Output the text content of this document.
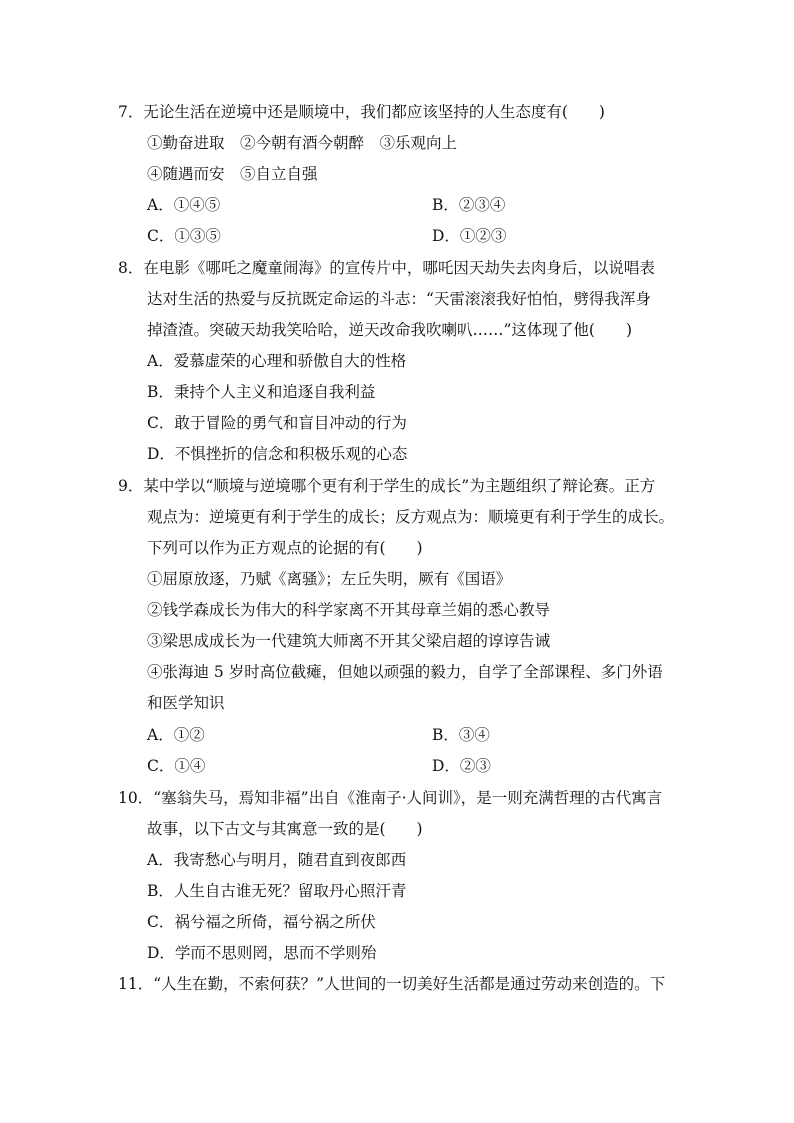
7．无论生活在逆境中还是顺境中，我们都应该坚持的人生态度有(　　)
①勤奋进取　②今朝有酒今朝醉　③乐观向上
④随遇而安　⑤自立自强
A．①④⑤	B．②③④
C．①③⑤	D．①②③
8．在电影《哪吒之魔童闹海》的宣传片中，哪吒因天劫失去肉身后，以说唱表
达对生活的热爱与反抗既定命运的斗志：“天雷滚滚我好怕怕，劈得我浑身
掉渣渣。突破天劫我笑哈哈，逆天改命我吹喇叭……”这体现了他(　　)
A．爱慕虚荣的心理和骄傲自大的性格
B．秉持个人主义和追逐自我利益
C．敢于冒险的勇气和盲目冲动的行为
D．不惧挫折的信念和积极乐观的心态
9．某中学以“顺境与逆境哪个更有利于学生的成长”为主题组织了辩论赛。正方
观点为：逆境更有利于学生的成长；反方观点为：顺境更有利于学生的成长。
下列可以作为正方观点的论据的有(　　)
①屈原放逐，乃赋《离骚》；左丘失明，厥有《国语》
②钱学森成长为伟大的科学家离不开其母章兰娟的悉心教导
③梁思成成长为一代建筑大师离不开其父梁启超的谆谆告诫
④张海迪 5 岁时高位截瘫，但她以顽强的毅力，自学了全部课程、多门外语
和医学知识
A．①②	B．③④
C．①④	D．②③
10．“塞翁失马，焉知非福”出自《淮南子·人间训》，是一则充满哲理的古代寓言
故事，以下古文与其寓意一致的是(　　)
A．我寄愁心与明月，随君直到夜郎西
B．人生自古谁无死？留取丹心照汗青
C．祸兮福之所倚，福兮祸之所伏
D．学而不思则罔，思而不学则殆
11．“人生在勤，不索何获？”人世间的一切美好生活都是通过劳动来创造的。下
